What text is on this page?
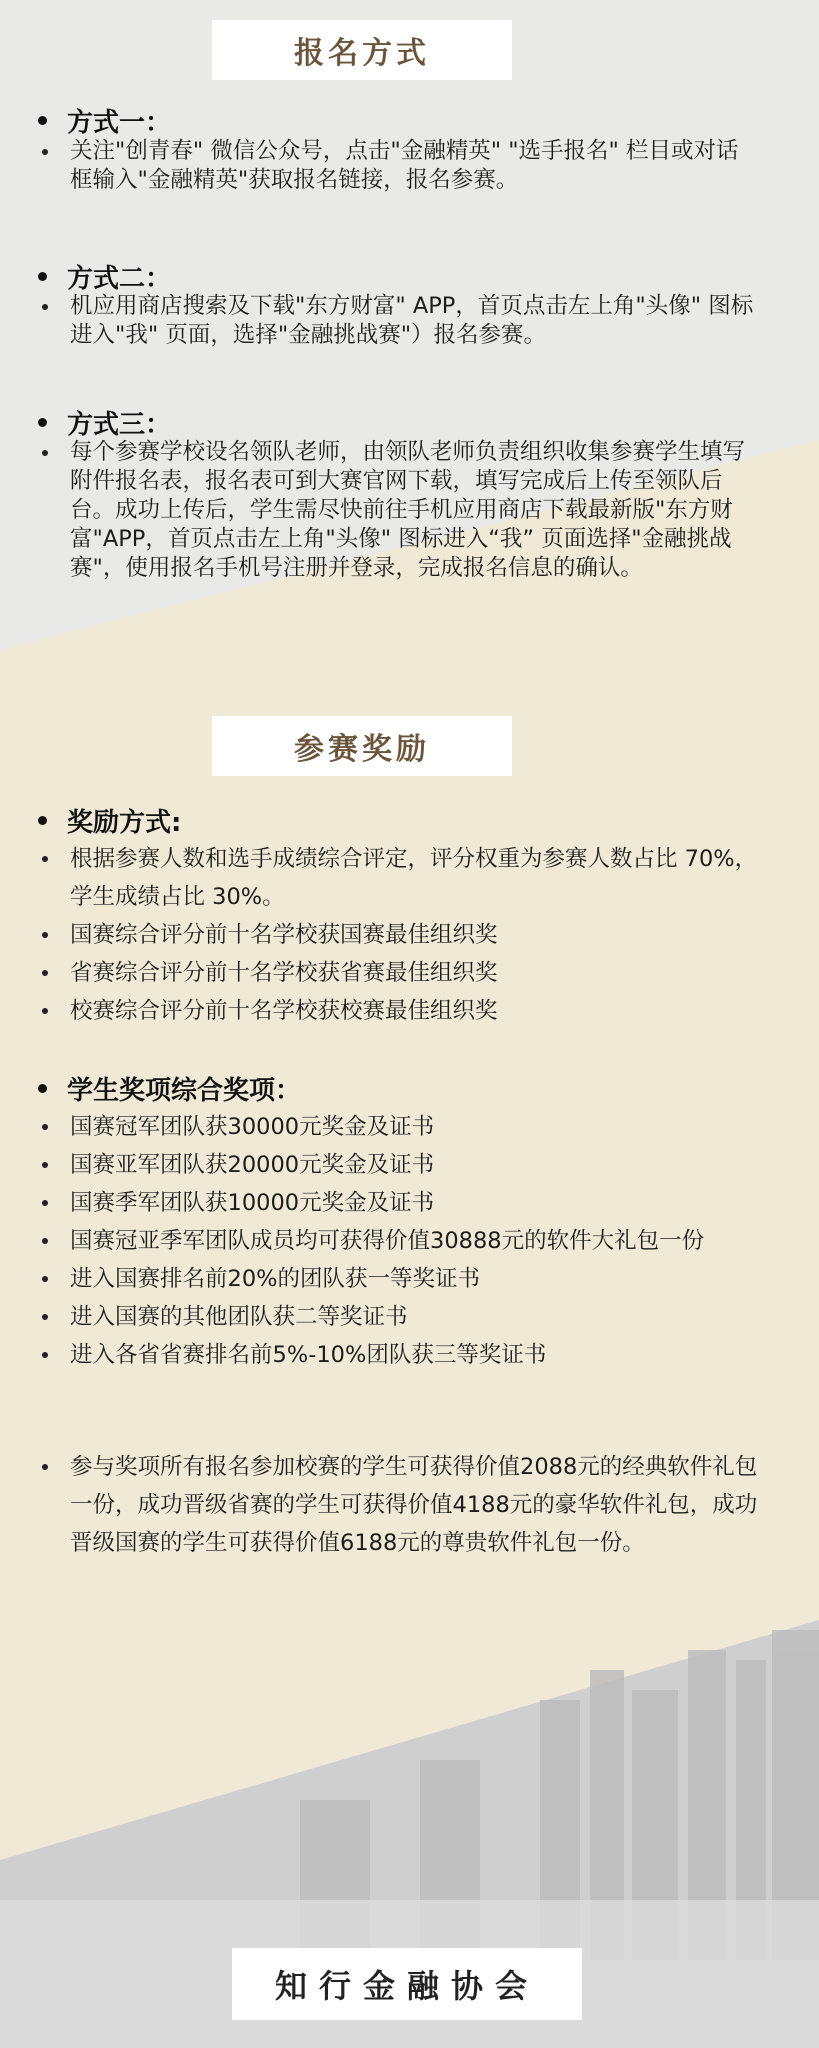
报名方式
方式一：

关注"创青春" 微信公众号，点击"金融精英" "选手报名" 栏目或对话框输入"金融精英"获取报名链接，报名参赛。

方式二：

机应用商店搜索及下载"东方财富" APP，首页点击左上角"头像" 图标进入"我" 页面，选择"金融挑战赛"）报名参赛。

方式三：

每个参赛学校设名领队老师，由领队老师负责组织收集参赛学生填写附件报名表，报名表可到大赛官网下载，填写完成后上传至领队后台。成功上传后，学生需尽快前往手机应用商店下载最新版"东方财富"APP，首页点击左上角"头像" 图标进入“我” 页面选择"金融挑战赛"，使用报名手机号注册并登录，完成报名信息的确认。

参赛奖励
奖励方式:

根据参赛人数和选手成绩综合评定，评分权重为参赛人数占比 70%，学生成绩占比 30%。

国赛综合评分前十名学校获国赛最佳组织奖

省赛综合评分前十名学校获省赛最佳组织奖

校赛综合评分前十名学校获校赛最佳组织奖

学生奖项综合奖项：

国赛冠军团队获30000元奖金及证书

国赛亚军团队获20000元奖金及证书

国赛季军团队获10000元奖金及证书

国赛冠亚季军团队成员均可获得价值30888元的软件大礼包一份

进入国赛排名前20%的团队获一等奖证书

进入国赛的其他团队获二等奖证书

进入各省省赛排名前5%-10%团队获三等奖证书

参与奖项所有报名参加校赛的学生可获得价值2088元的经典软件礼包一份，成功晋级省赛的学生可获得价值4188元的豪华软件礼包，成功晋级国赛的学生可获得价值6188元的尊贵软件礼包一份。

知行金融协会
